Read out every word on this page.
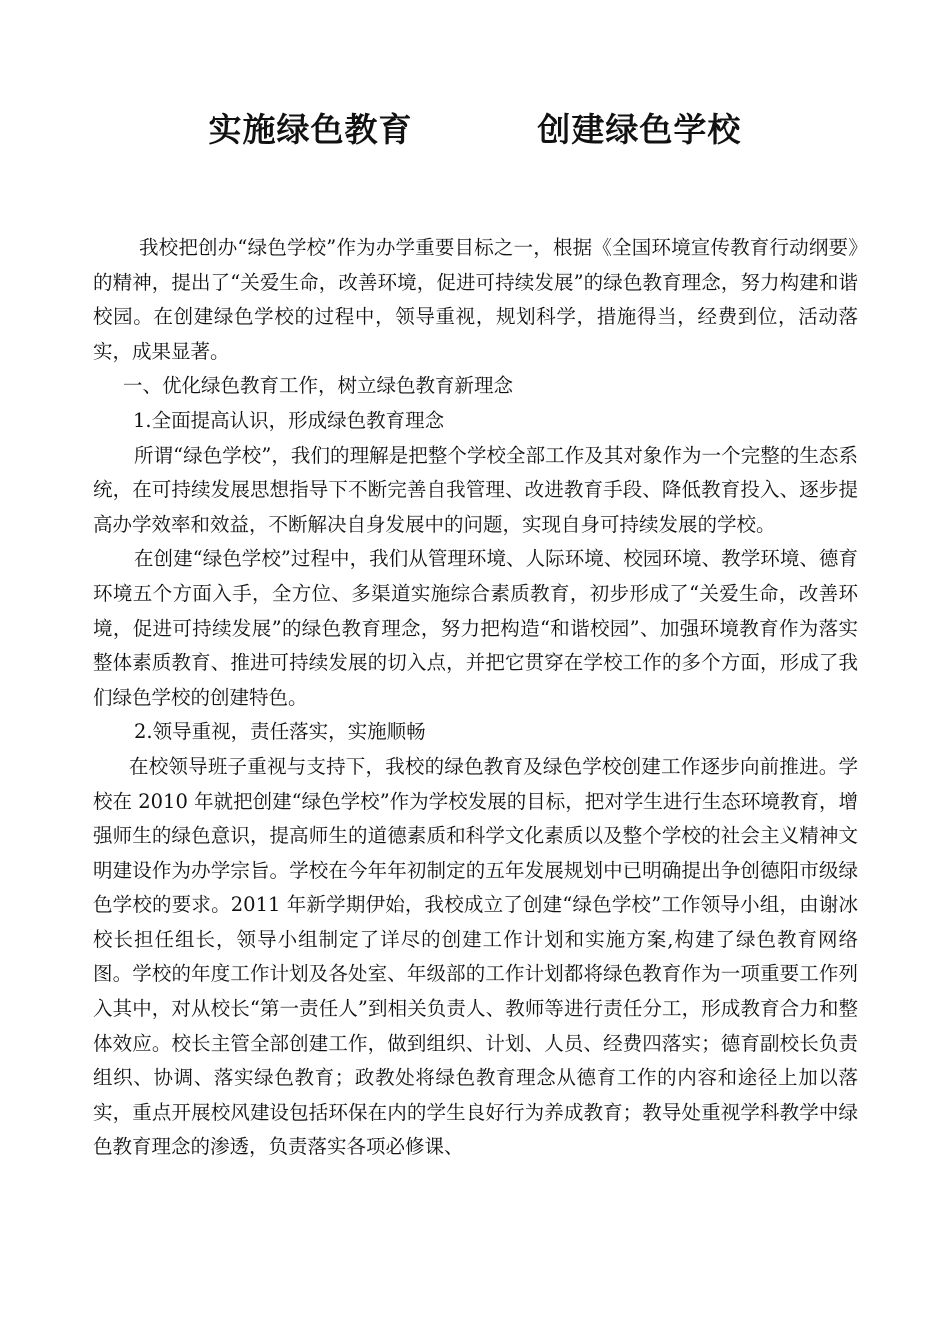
实施绿色教育          创建绿色学校

我校把创办“绿色学校”作为办学重要目标之一，根据《全国环境宣传教育行动纲要》的精神，提出了“关爱生命，改善环境，促进可持续发展”的绿色教育理念，努力构建和谐校园。在创建绿色学校的过程中，领导重视，规划科学，措施得当，经费到位，活动落实，成果显著。

一、优化绿色教育工作，树立绿色教育新理念

1.全面提高认识，形成绿色教育理念

所谓“绿色学校”，我们的理解是把整个学校全部工作及其对象作为一个完整的生态系统，在可持续发展思想指导下不断完善自我管理、改进教育手段、降低教育投入、逐步提高办学效率和效益，不断解决自身发展中的问题，实现自身可持续发展的学校。

在创建“绿色学校”过程中，我们从管理环境、人际环境、校园环境、教学环境、德育环境五个方面入手，全方位、多渠道实施综合素质教育，初步形成了“关爱生命，改善环境，促进可持续发展”的绿色教育理念，努力把构造“和谐校园”、加强环境教育作为落实整体素质教育、推进可持续发展的切入点，并把它贯穿在学校工作的多个方面，形成了我们绿色学校的创建特色。

2.领导重视，责任落实，实施顺畅

在校领导班子重视与支持下，我校的绿色教育及绿色学校创建工作逐步向前推进。学校在 2010 年就把创建“绿色学校”作为学校发展的目标，把对学生进行生态环境教育，增强师生的绿色意识，提高师生的道德素质和科学文化素质以及整个学校的社会主义精神文明建设作为办学宗旨。学校在今年年初制定的五年发展规划中已明确提出争创德阳市级绿色学校的要求。2011 年新学期伊始，我校成立了创建“绿色学校”工作领导小组，由谢冰校长担任组长，领导小组制定了详尽的创建工作计划和实施方案,构建了绿色教育网络图。学校的年度工作计划及各处室、年级部的工作计划都将绿色教育作为一项重要工作列入其中，对从校长“第一责任人”到相关负责人、教师等进行责任分工，形成教育合力和整体效应。校长主管全部创建工作，做到组织、计划、人员、经费四落实；德育副校长负责组织、协调、落实绿色教育；政教处将绿色教育理念从德育工作的内容和途径上加以落实，重点开展校风建设包括环保在内的学生良好行为养成教育；教导处重视学科教学中绿色教育理念的渗透，负责落实各项必修课、
